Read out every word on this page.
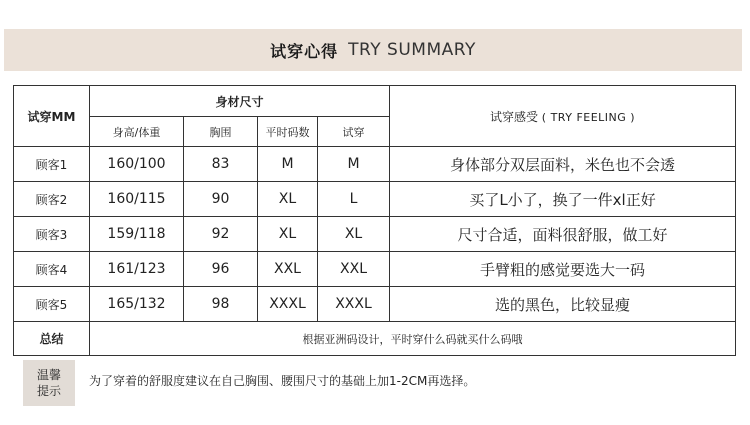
试穿心得 TRY SUMMARY
试穿MM	身材尺寸				试穿感受 ( TRY FEELING )
	身高/体重	胸围	平时码数	试穿	
顾客1	160/100	83	M	M	身体部分双层面料，米色也不会透
顾客2	160/115	90	XL	L	买了L小了，换了一件xl正好
顾客3	159/118	92	XL	XL	尺寸合适，面料很舒服，做工好
顾客4	161/123	96	XXL	XXL	手臂粗的感觉要选大一码
顾客5	165/132	98	XXXL	XXXL	选的黑色，比较显瘦
总结	根据亚洲码设计，平时穿什么码就买什么码哦				
温馨
提示
为了穿着的舒服度建议在自己胸围、腰围尺寸的基础上加1-2CM再选择。
